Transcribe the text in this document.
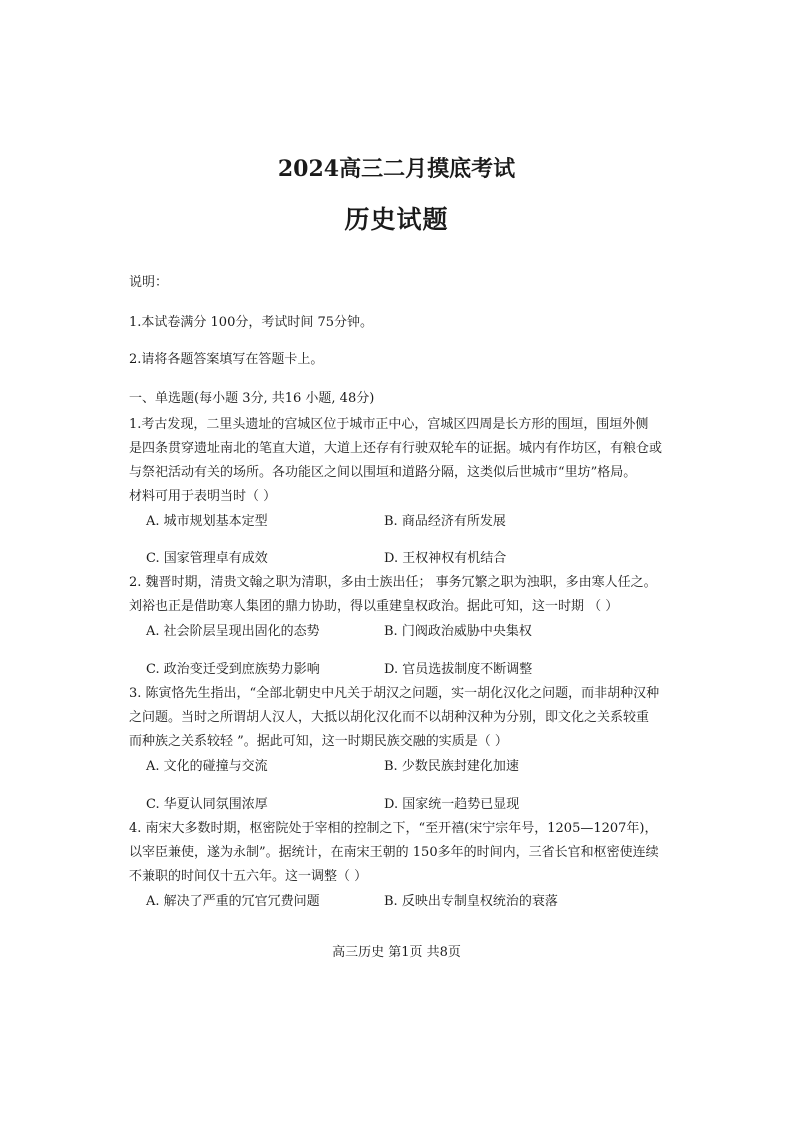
2024高三二月摸底考试
历史试题
说明：
1.本试卷满分 100分，考试时间 75分钟。
2.请将各题答案填写在答题卡上。
一、单选题(每小题 3分, 共16 小题, 48分)
1.考古发现，二里头遗址的宫城区位于城市正中心，宫城区四周是长方形的围垣，围垣外侧
是四条贯穿遗址南北的笔直大道，大道上还存有行驶双轮车的证据。城内有作坊区，有粮仓或
与祭祀活动有关的场所。各功能区之间以围垣和道路分隔，这类似后世城市“里坊”格局。
材料可用于表明当时（ ）
A. 城市规划基本定型	B. 商品经济有所发展
C. 国家管理卓有成效	D. 王权神权有机结合
2. 魏晋时期，清贵文翰之职为清职，多由士族出任； 事务冗繁之职为浊职，多由寒人任之。
刘裕也正是借助寒人集团的鼎力协助，得以重建皇权政治。据此可知，这一时期 （ ）
A. 社会阶层呈现出固化的态势	B. 门阀政治威胁中央集权
C. 政治变迁受到庶族势力影响	D. 官员选拔制度不断调整
3. 陈寅恪先生指出，“全部北朝史中凡关于胡汉之问题，实一胡化汉化之问题，而非胡种汉种
之问题。当时之所谓胡人汉人，大抵以胡化汉化而不以胡种汉种为分别，即文化之关系较重
而种族之关系较轻 ”。据此可知，这一时期民族交融的实质是（ ）
A. 文化的碰撞与交流	B. 少数民族封建化加速
C. 华夏认同氛围浓厚	D. 国家统一趋势已显现
4. 南宋大多数时期，枢密院处于宰相的控制之下，“至开禧(宋宁宗年号，1205—1207年)，
以宰臣兼使，遂为永制”。据统计，在南宋王朝的 150多年的时间内，三省长官和枢密使连续
不兼职的时间仅十五六年。这一调整（ ）
A. 解决了严重的冗官冗费问题	B. 反映出专制皇权统治的衰落
高三历史 第1页 共8页
